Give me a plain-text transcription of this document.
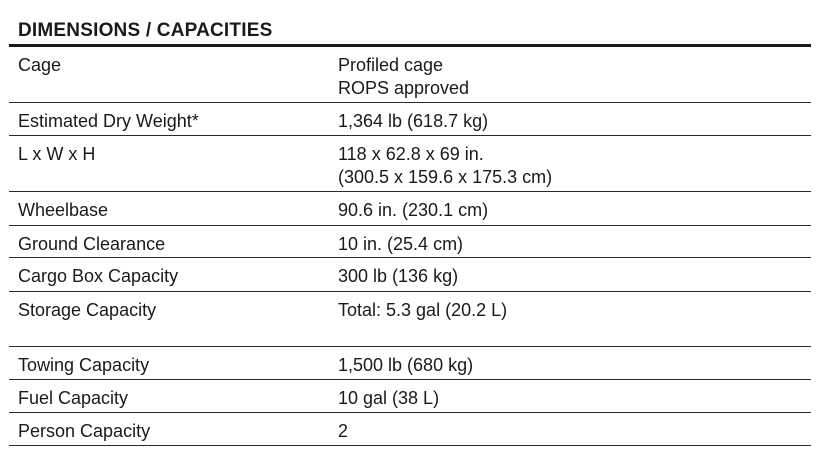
DIMENSIONS / CAPACITIES
Cage	Profiled cage
ROPS approved
Estimated Dry Weight*	1,364 lb (618.7 kg)
L x W x H	118 x 62.8 x 69 in.
(300.5 x 159.6 x 175.3 cm)
Wheelbase	90.6 in. (230.1 cm)
Ground Clearance	10 in. (25.4 cm)
Cargo Box Capacity	300 lb (136 kg)
Storage Capacity	Total: 5.3 gal (20.2 L)
Towing Capacity	1,500 lb (680 kg)
Fuel Capacity	10 gal (38 L)
Person Capacity	2
